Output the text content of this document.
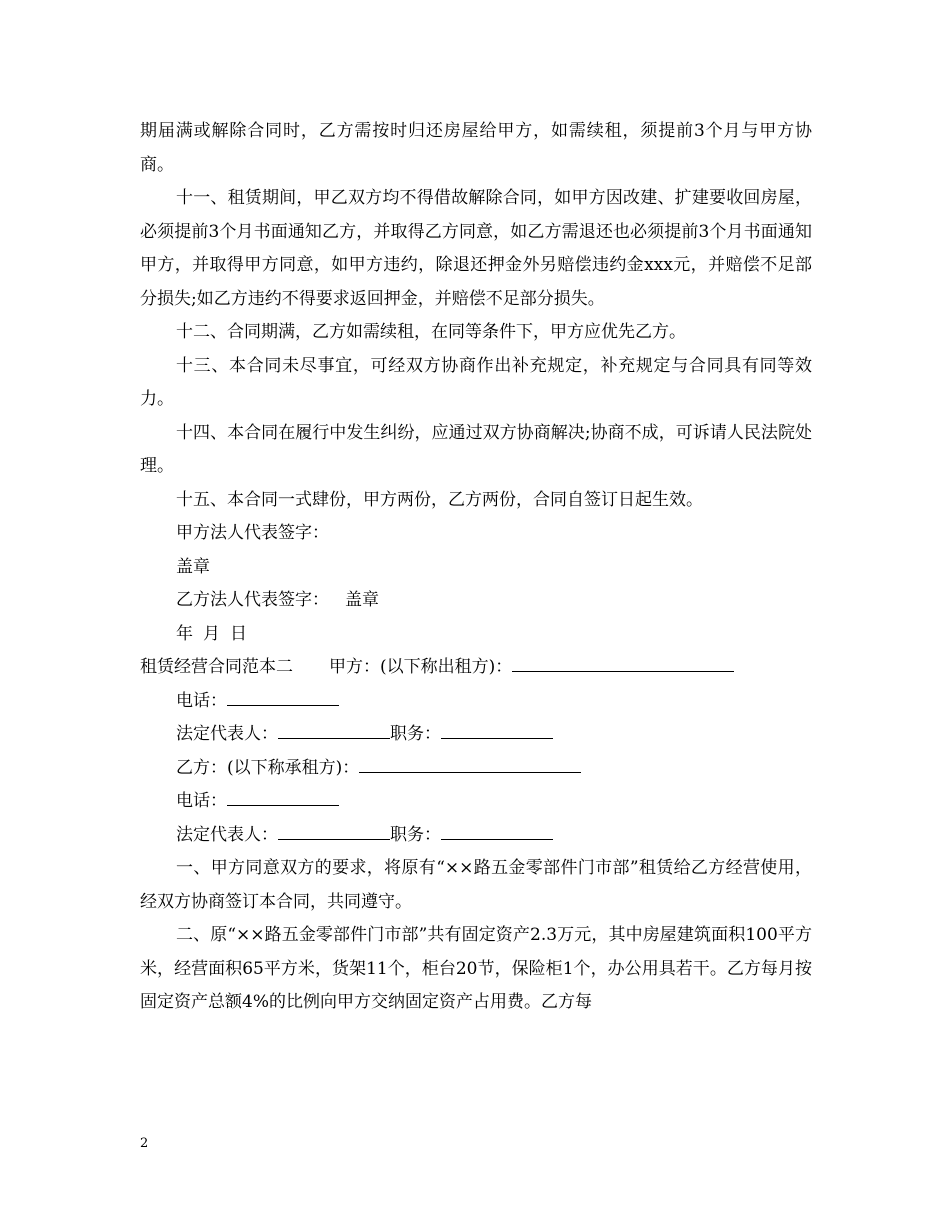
期届满或解除合同时，乙方需按时归还房屋给甲方，如需续租，须提前3个月与甲方协商。

十一、租赁期间，甲乙双方均不得借故解除合同，如甲方因改建、扩建要收回房屋，必须提前3个月书面通知乙方，并取得乙方同意，如乙方需退还也必须提前3个月书面通知甲方，并取得甲方同意，如甲方违约，除退还押金外另赔偿违约金xxx元，并赔偿不足部分损失;如乙方违约不得要求返回押金，并赔偿不足部分损失。

十二、合同期满，乙方如需续租，在同等条件下，甲方应优先乙方。

十三、本合同未尽事宜，可经双方协商作出补充规定，补充规定与合同具有同等效力。

十四、本合同在履行中发生纠纷，应通过双方协商解决;协商不成，可诉请人民法院处理。

十五、本合同一式肆份，甲方两份，乙方两份，合同自签订日起生效。

甲方法人代表签字：

盖章

乙方法人代表签字： 盖章

年 月 日

租赁经营合同范本二 甲方：(以下称出租方)：

电话：

法定代表人：	职务：

乙方：(以下称承租方)：

电话：

法定代表人：	职务：

一、甲方同意双方的要求，将原有“××路五金零部件门市部”租赁给乙方经营使用，经双方协商签订本合同，共同遵守。

二、原“××路五金零部件门市部”共有固定资产2.3万元，其中房屋建筑面积100平方米，经营面积65平方米，货架11个，柜台20节，保险柜1个，办公用具若干。乙方每月按固定资产总额4%的比例向甲方交纳固定资产占用费。乙方每

2
